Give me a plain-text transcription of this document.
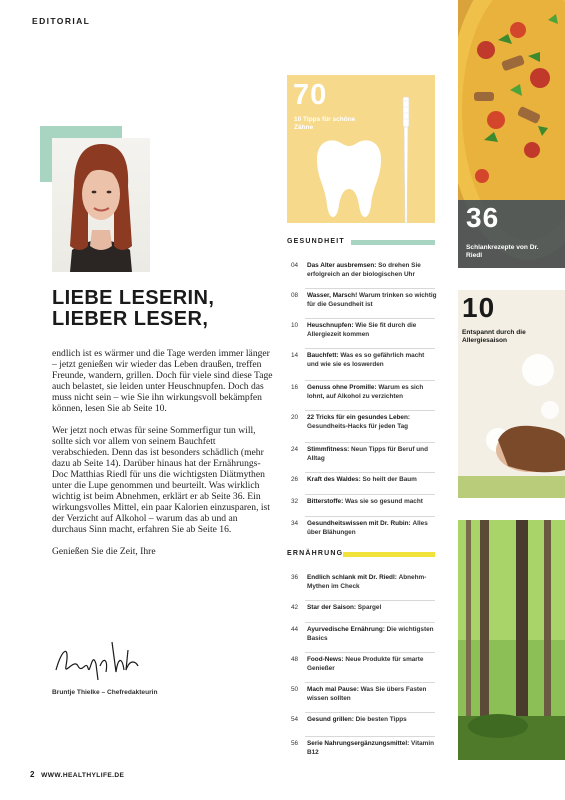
EDITORIAL
LIEBE LESERIN,
LIEBER LESER,

endlich ist es wärmer und die Tage werden immer länger – jetzt genießen wir wieder das Leben draußen, treffen Freunde, wandern, grillen. Doch für viele sind diese Tage auch belastet, sie leiden unter Heuschnupfen. Doch das muss nicht sein – wie Sie ihn wirkungsvoll bekämpfen können, lesen Sie ab Seite 10.

Wer jetzt noch etwas für seine Sommerfigur tun will, sollte sich vor allem von seinem Bauchfett verabschieden. Denn das ist besonders schädlich (mehr dazu ab Seite 14). Darüber hinaus hat der Ernährungs-Doc Matthias Riedl für uns die wichtigsten Diätmythen unter die Lupe genommen und beurteilt. Was wirklich wichtig ist beim Abnehmen, erklärt er ab Seite 36. Ein wirkungsvolles Mittel, ein paar Kalorien einzusparen, ist der Verzicht auf Alkohol – warum das ab und an durchaus Sinn macht, erfahren Sie ab Seite 16.

Genießen Sie die Zeit, Ihre

Bruntje Thielke – Chefredakteurin
2 WWW.HEALTHYLIFE.DE
70
10 Tipps für schöne Zähne
GESUNDHEIT
04 Das Alter ausbremsen: So drehen Sie erfolgreich an der biologischen Uhr
08 Wasser, Marsch! Warum trinken so wichtig für die Gesundheit ist
10 Heuschnupfen: Wie Sie fit durch die Allergiezeit kommen
14 Bauchfett: Was es so gefährlich macht und wie sie es loswerden
16 Genuss ohne Promille: Warum es sich lohnt, auf Alkohol zu verzichten
20 22 Tricks für ein gesundes Leben: Gesundheits-Hacks für jeden Tag
24 Stimmfitness: Neun Tipps für Beruf und Alltag
26 Kraft des Waldes: So heilt der Baum
32 Bitterstoffe: Was sie so gesund macht
34 Gesundheitswissen mit Dr. Rubin: Alles über Blähungen
ERNÄHRUNG
36 Endlich schlank mit Dr. Riedl: Abnehm-Mythen im Check
42 Star der Saison: Spargel
44 Ayurvedische Ernährung: Die wichtigsten Basics
48 Food-News: Neue Produkte für smarte Genießer
50 Mach mal Pause: Was Sie übers Fasten wissen sollten
54 Gesund grillen: Die besten Tipps
56 Serie Nahrungsergänzungsmittel: Vitamin B12
36
Schlankrezepte von Dr. Riedl
10
Entspannt durch die Allergiesaison
